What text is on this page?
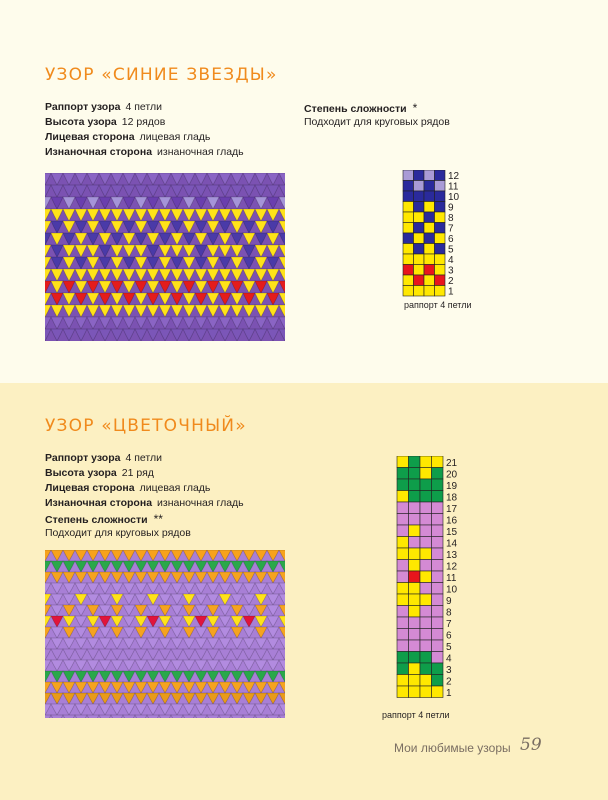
УЗОР «СИНИЕ ЗВЕЗДЫ»
Раппорт узора 4 петли
Высота узора 12 рядов
Лицевая сторона лицевая гладь
Изнаночная сторона изнаночная гладь
Степень сложности *
Подходит для круговых рядов
12
11
10
9
8
7
6
5
4
3
2
1
раппорт 4 петли
УЗОР «ЦВЕТОЧНЫЙ»
Раппорт узора 4 петли
Высота узора 21 ряд
Лицевая сторона лицевая гладь
Изнаночная сторона изнаночная гладь
Степень сложности **
Подходит для круговых рядов
21
20
19
18
17
16
15
14
13
12
11
10
9
8
7
6
5
4
3
2
1
раппорт 4 петли
Мои любимые узоры 59
